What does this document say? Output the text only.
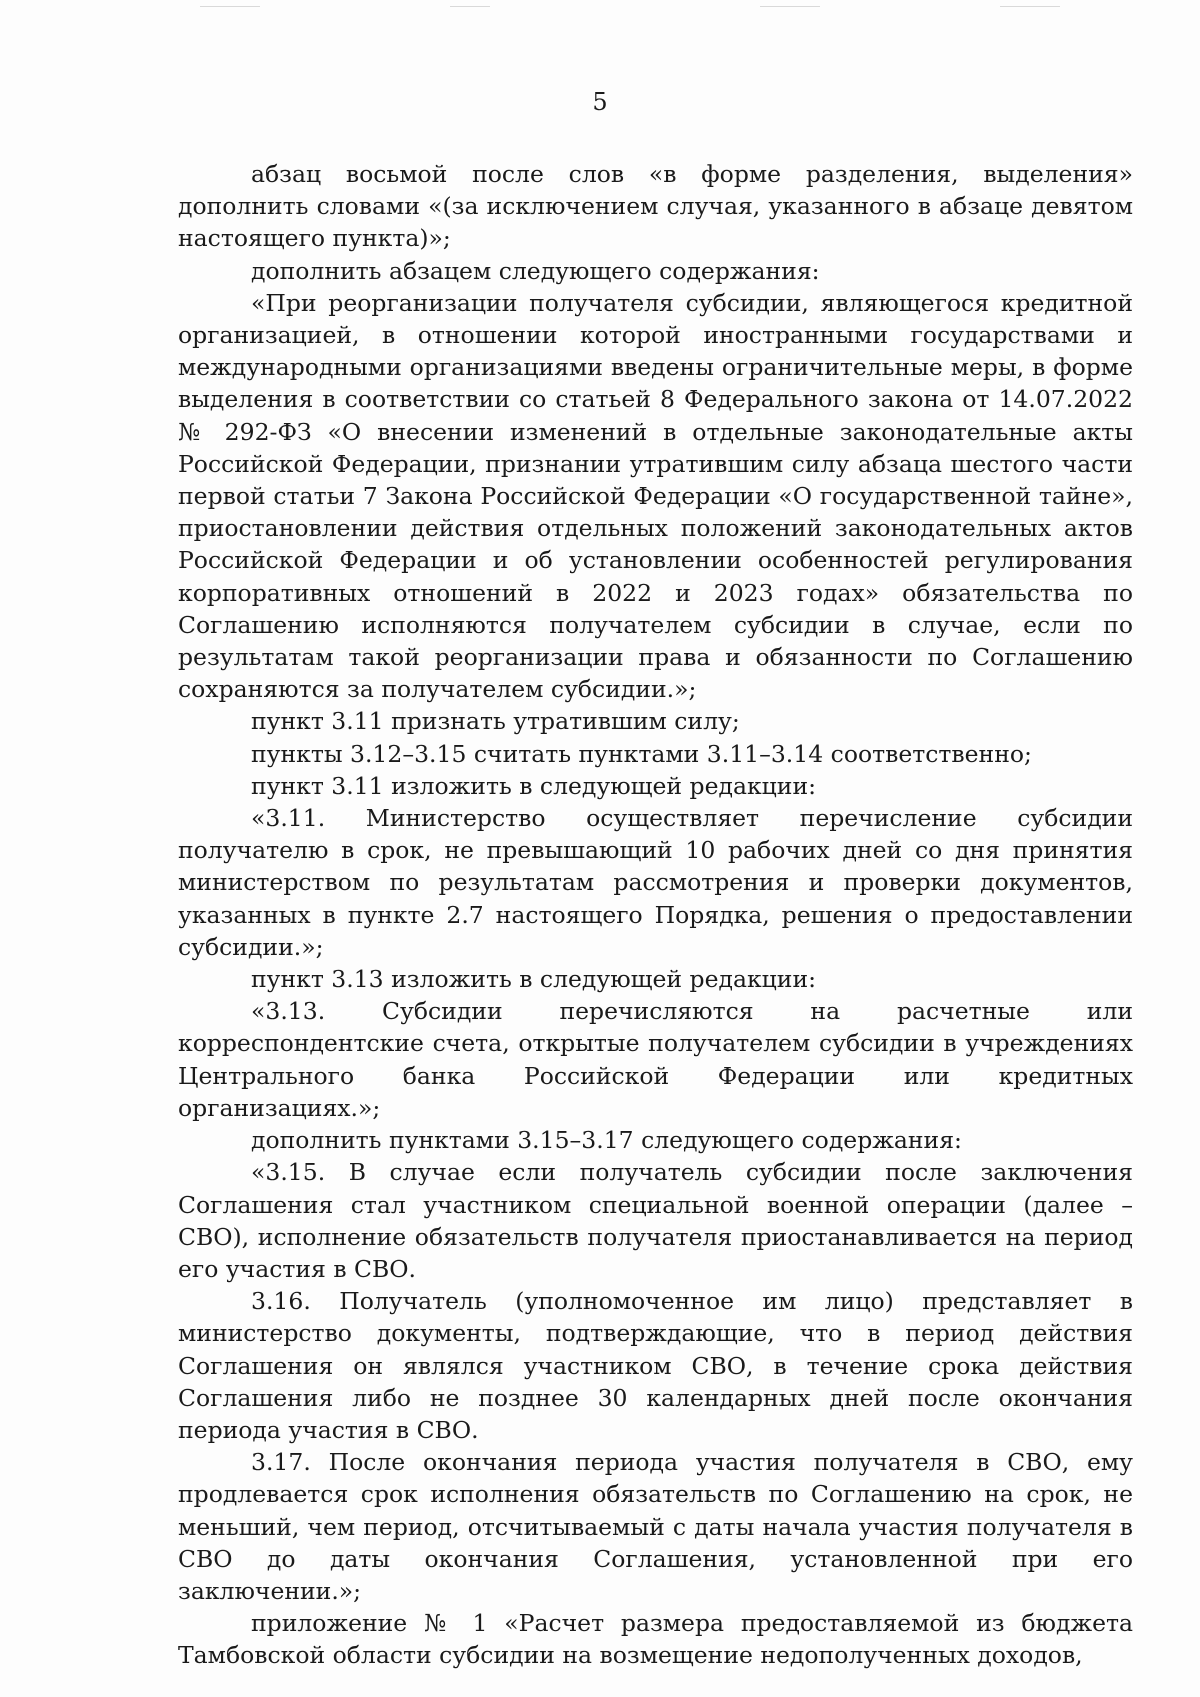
5

абзац восьмой после слов «в форме разделения, выделения» дополнить словами «(за исключением случая, указанного в абзаце девятом настоящего пункта)»;

дополнить абзацем следующего содержания:

«При реорганизации получателя субсидии, являющегося кредитной организацией, в отношении которой иностранными государствами и международными организациями введены ограничительные меры, в форме выделения в соответствии со статьей 8 Федерального закона от 14.07.2022 № 292-ФЗ «О внесении изменений в отдельные законодательные акты Российской Федерации, признании утратившим силу абзаца шестого части первой статьи 7 Закона Российской Федерации «О государственной тайне», приостановлении действия отдельных положений законодательных актов Российской Федерации и об установлении особенностей регулирования корпоративных отношений в 2022 и 2023 годах» обязательства по Соглашению исполняются получателем субсидии в случае, если по результатам такой реорганизации права и обязанности по Соглашению сохраняются за получателем субсидии.»;

пункт 3.11 признать утратившим силу;

пункты 3.12–3.15 считать пунктами 3.11–3.14 соответственно;

пункт 3.11 изложить в следующей редакции:

«3.11. Министерство осуществляет перечисление субсидии получателю в срок, не превышающий 10 рабочих дней со дня принятия министерством по результатам рассмотрения и проверки документов, указанных в пункте 2.7 настоящего Порядка, решения о предоставлении субсидии.»;

пункт 3.13 изложить в следующей редакции:

«3.13. Субсидии перечисляются на расчетные или корреспондентские счета, открытые получателем субсидии в учреждениях Центрального банка Российской Федерации или кредитных организациях.»;

дополнить пунктами 3.15–3.17 следующего содержания:

«3.15. В случае если получатель субсидии после заключения Соглашения стал участником специальной военной операции (далее – СВО), исполнение обязательств получателя приостанавливается на период его участия в СВО.

3.16. Получатель (уполномоченное им лицо) представляет в министерство документы, подтверждающие, что в период действия Соглашения он являлся участником СВО, в течение срока действия Соглашения либо не позднее 30 календарных дней после окончания периода участия в СВО.

3.17. После окончания периода участия получателя в СВО, ему продлевается срок исполнения обязательств по Соглашению на срок, не меньший, чем период, отсчитываемый с даты начала участия получателя в СВО до даты окончания Соглашения, установленной при его заключении.»;

приложение № 1 «Расчет размера предоставляемой из бюджета Тамбовской области субсидии на возмещение недополученных доходов,
